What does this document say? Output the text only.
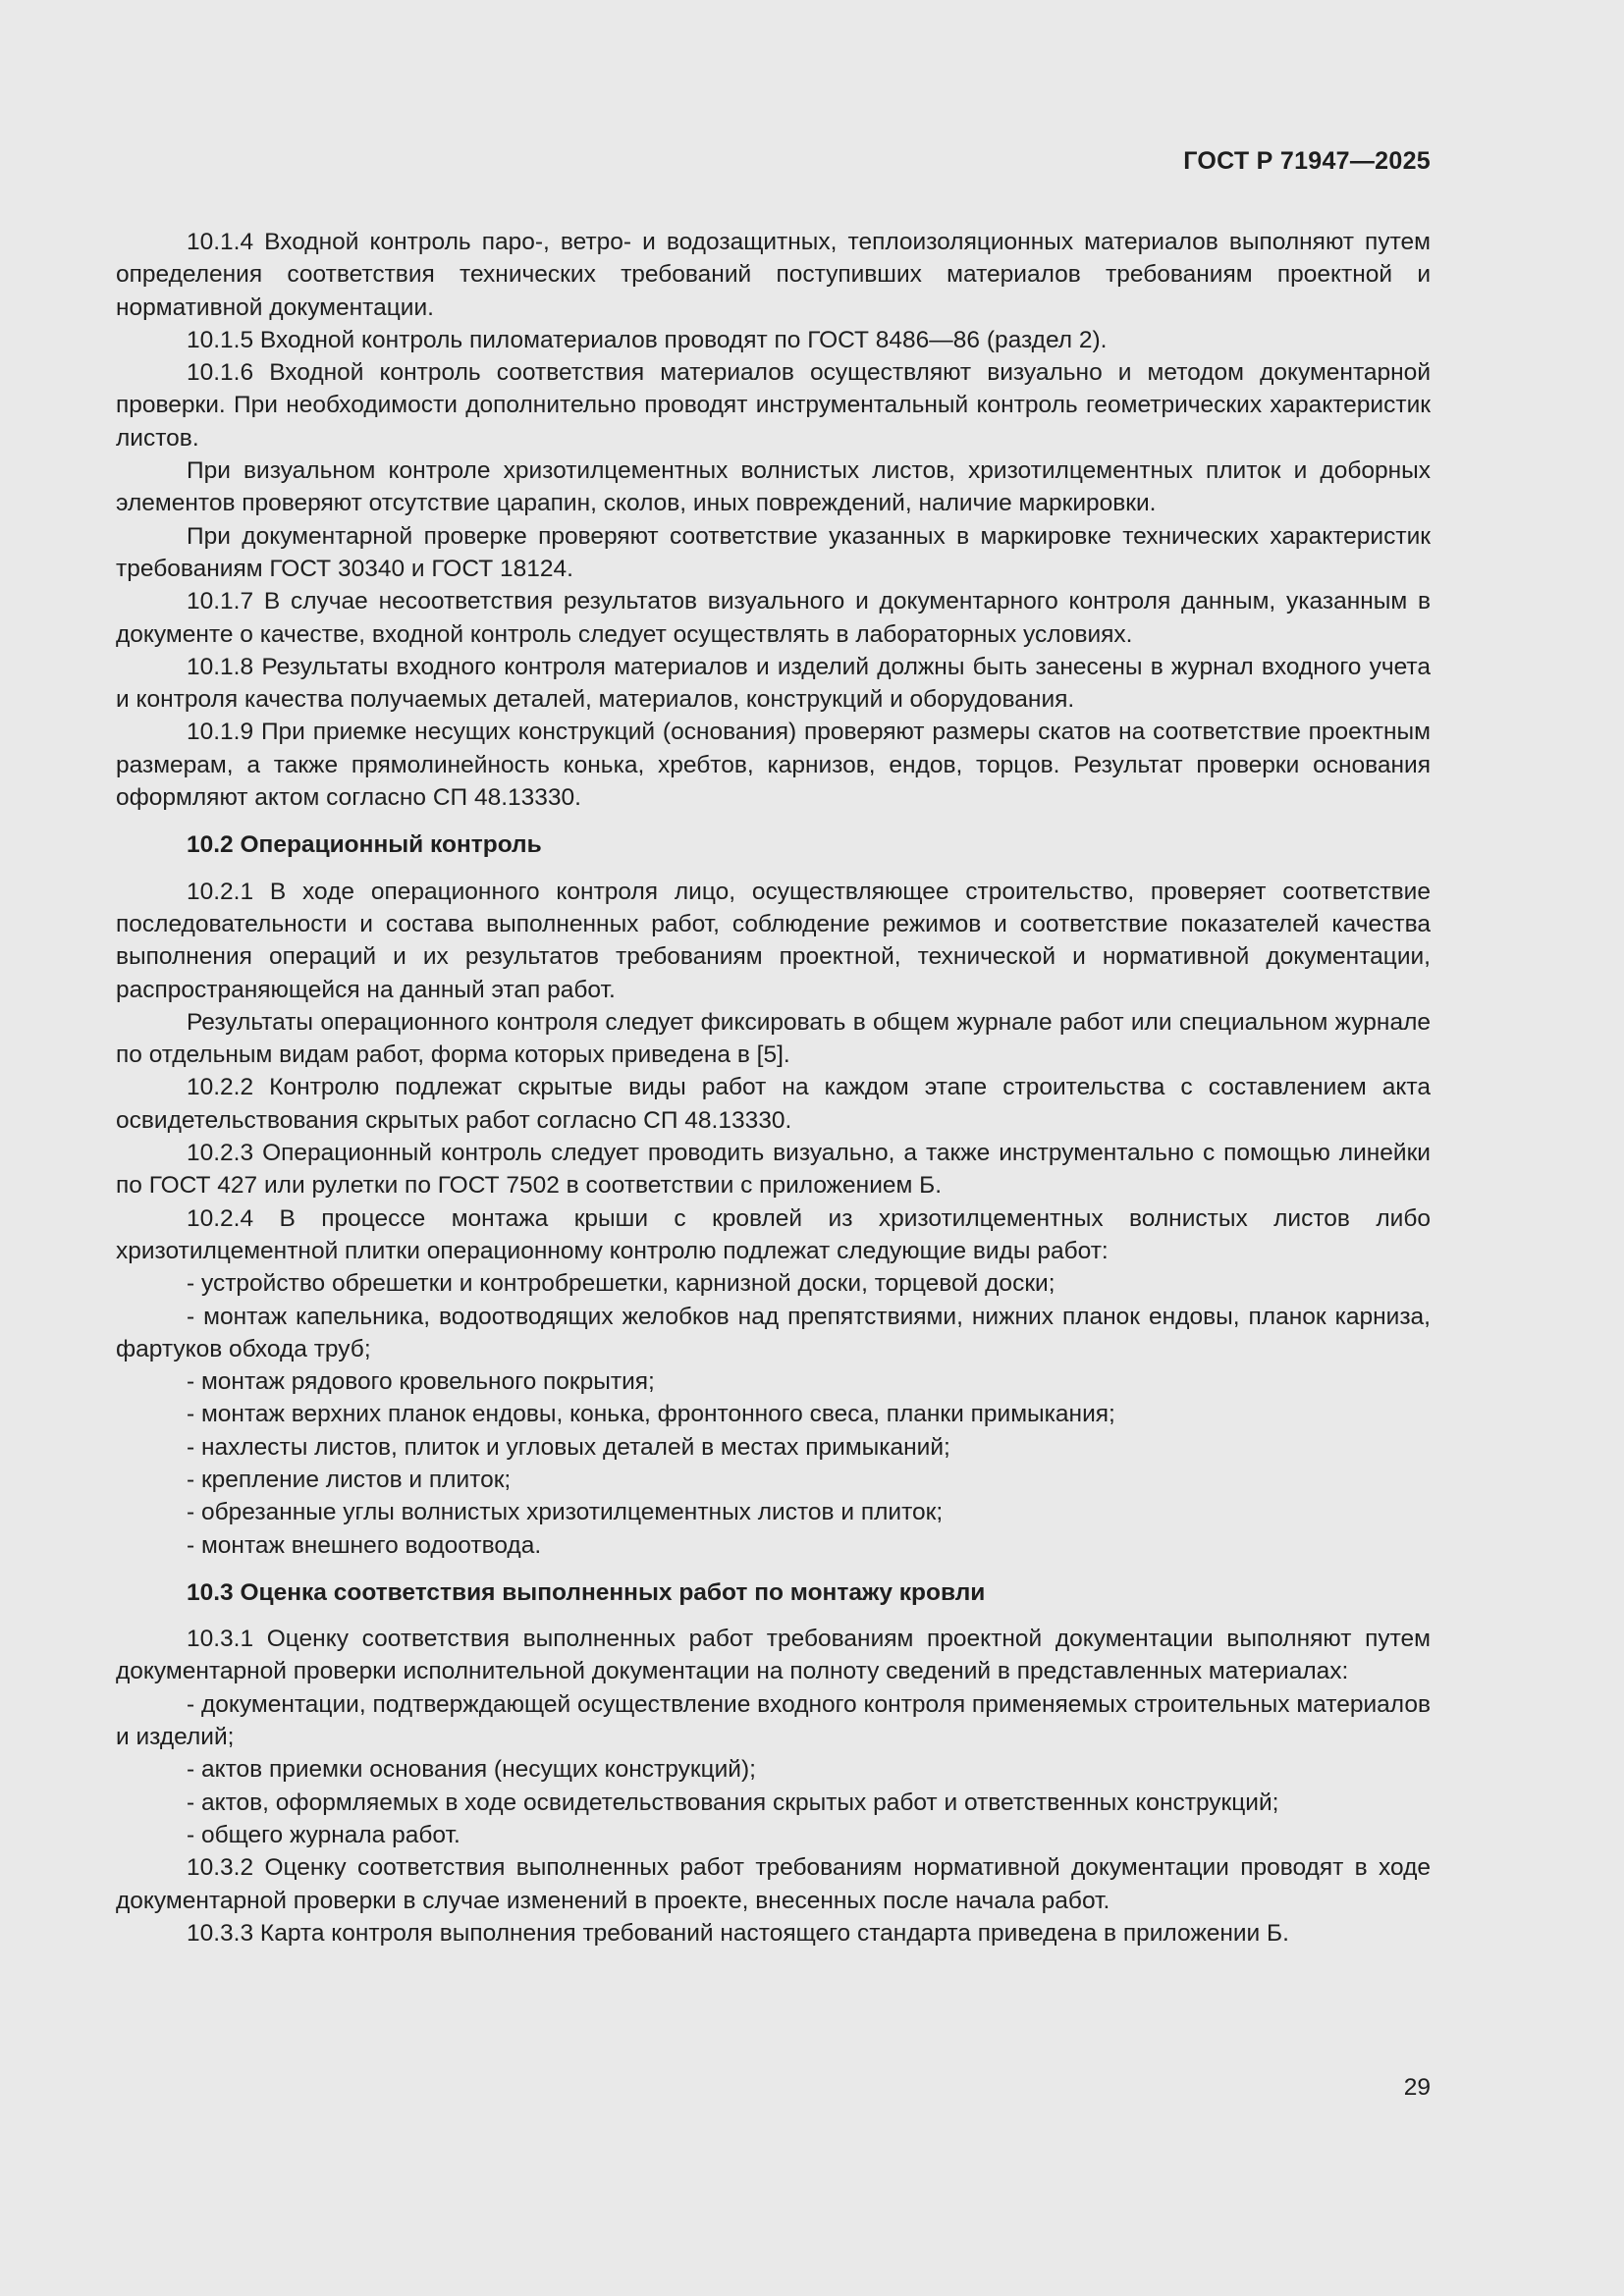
ГОСТ Р 71947—2025

10.1.4 Входной контроль паро-, ветро- и водозащитных, теплоизоляционных материалов выполняют путем определения соответствия технических требований поступивших материалов требованиям проектной и нормативной документации.

10.1.5 Входной контроль пиломатериалов проводят по ГОСТ 8486—86 (раздел 2).

10.1.6 Входной контроль соответствия материалов осуществляют визуально и методом документарной проверки. При необходимости дополнительно проводят инструментальный контроль геометрических характеристик листов.

При визуальном контроле хризотилцементных волнистых листов, хризотилцементных плиток и доборных элементов проверяют отсутствие царапин, сколов, иных повреждений, наличие маркировки.

При документарной проверке проверяют соответствие указанных в маркировке технических характеристик требованиям ГОСТ 30340 и ГОСТ 18124.

10.1.7 В случае несоответствия результатов визуального и документарного контроля данным, указанным в документе о качестве, входной контроль следует осуществлять в лабораторных условиях.

10.1.8 Результаты входного контроля материалов и изделий должны быть занесены в журнал входного учета и контроля качества получаемых деталей, материалов, конструкций и оборудования.

10.1.9 При приемке несущих конструкций (основания) проверяют размеры скатов на соответствие проектным размерам, а также прямолинейность конька, хребтов, карнизов, ендов, торцов. Результат проверки основания оформляют актом согласно СП 48.13330.

10.2 Операционный контроль

10.2.1 В ходе операционного контроля лицо, осуществляющее строительство, проверяет соответствие последовательности и состава выполненных работ, соблюдение режимов и соответствие показателей качества выполнения операций и их результатов требованиям проектной, технической и нормативной документации, распространяющейся на данный этап работ.

Результаты операционного контроля следует фиксировать в общем журнале работ или специальном журнале по отдельным видам работ, форма которых приведена в [5].

10.2.2 Контролю подлежат скрытые виды работ на каждом этапе строительства с составлением акта освидетельствования скрытых работ согласно СП 48.13330.

10.2.3 Операционный контроль следует проводить визуально, а также инструментально с помощью линейки по ГОСТ 427 или рулетки по ГОСТ 7502 в соответствии с приложением Б.

10.2.4 В процессе монтажа крыши с кровлей из хризотилцементных волнистых листов либо хризотилцементной плитки операционному контролю подлежат следующие виды работ:

- устройство обрешетки и контробрешетки, карнизной доски, торцевой доски;

- монтаж капельника, водоотводящих желобков над препятствиями, нижних планок ендовы, планок карниза, фартуков обхода труб;

- монтаж рядового кровельного покрытия;

- монтаж верхних планок ендовы, конька, фронтонного свеса, планки примыкания;

- нахлесты листов, плиток и угловых деталей в местах примыканий;

- крепление листов и плиток;

- обрезанные углы волнистых хризотилцементных листов и плиток;

- монтаж внешнего водоотвода.

10.3 Оценка соответствия выполненных работ по монтажу кровли

10.3.1 Оценку соответствия выполненных работ требованиям проектной документации выполняют путем документарной проверки исполнительной документации на полноту сведений в представленных материалах:

- документации, подтверждающей осуществление входного контроля применяемых строительных материалов и изделий;

- актов приемки основания (несущих конструкций);

- актов, оформляемых в ходе освидетельствования скрытых работ и ответственных конструкций;

- общего журнала работ.

10.3.2 Оценку соответствия выполненных работ требованиям нормативной документации проводят в ходе документарной проверки в случае изменений в проекте, внесенных после начала работ.

10.3.3 Карта контроля выполнения требований настоящего стандарта приведена в приложении Б.

29
